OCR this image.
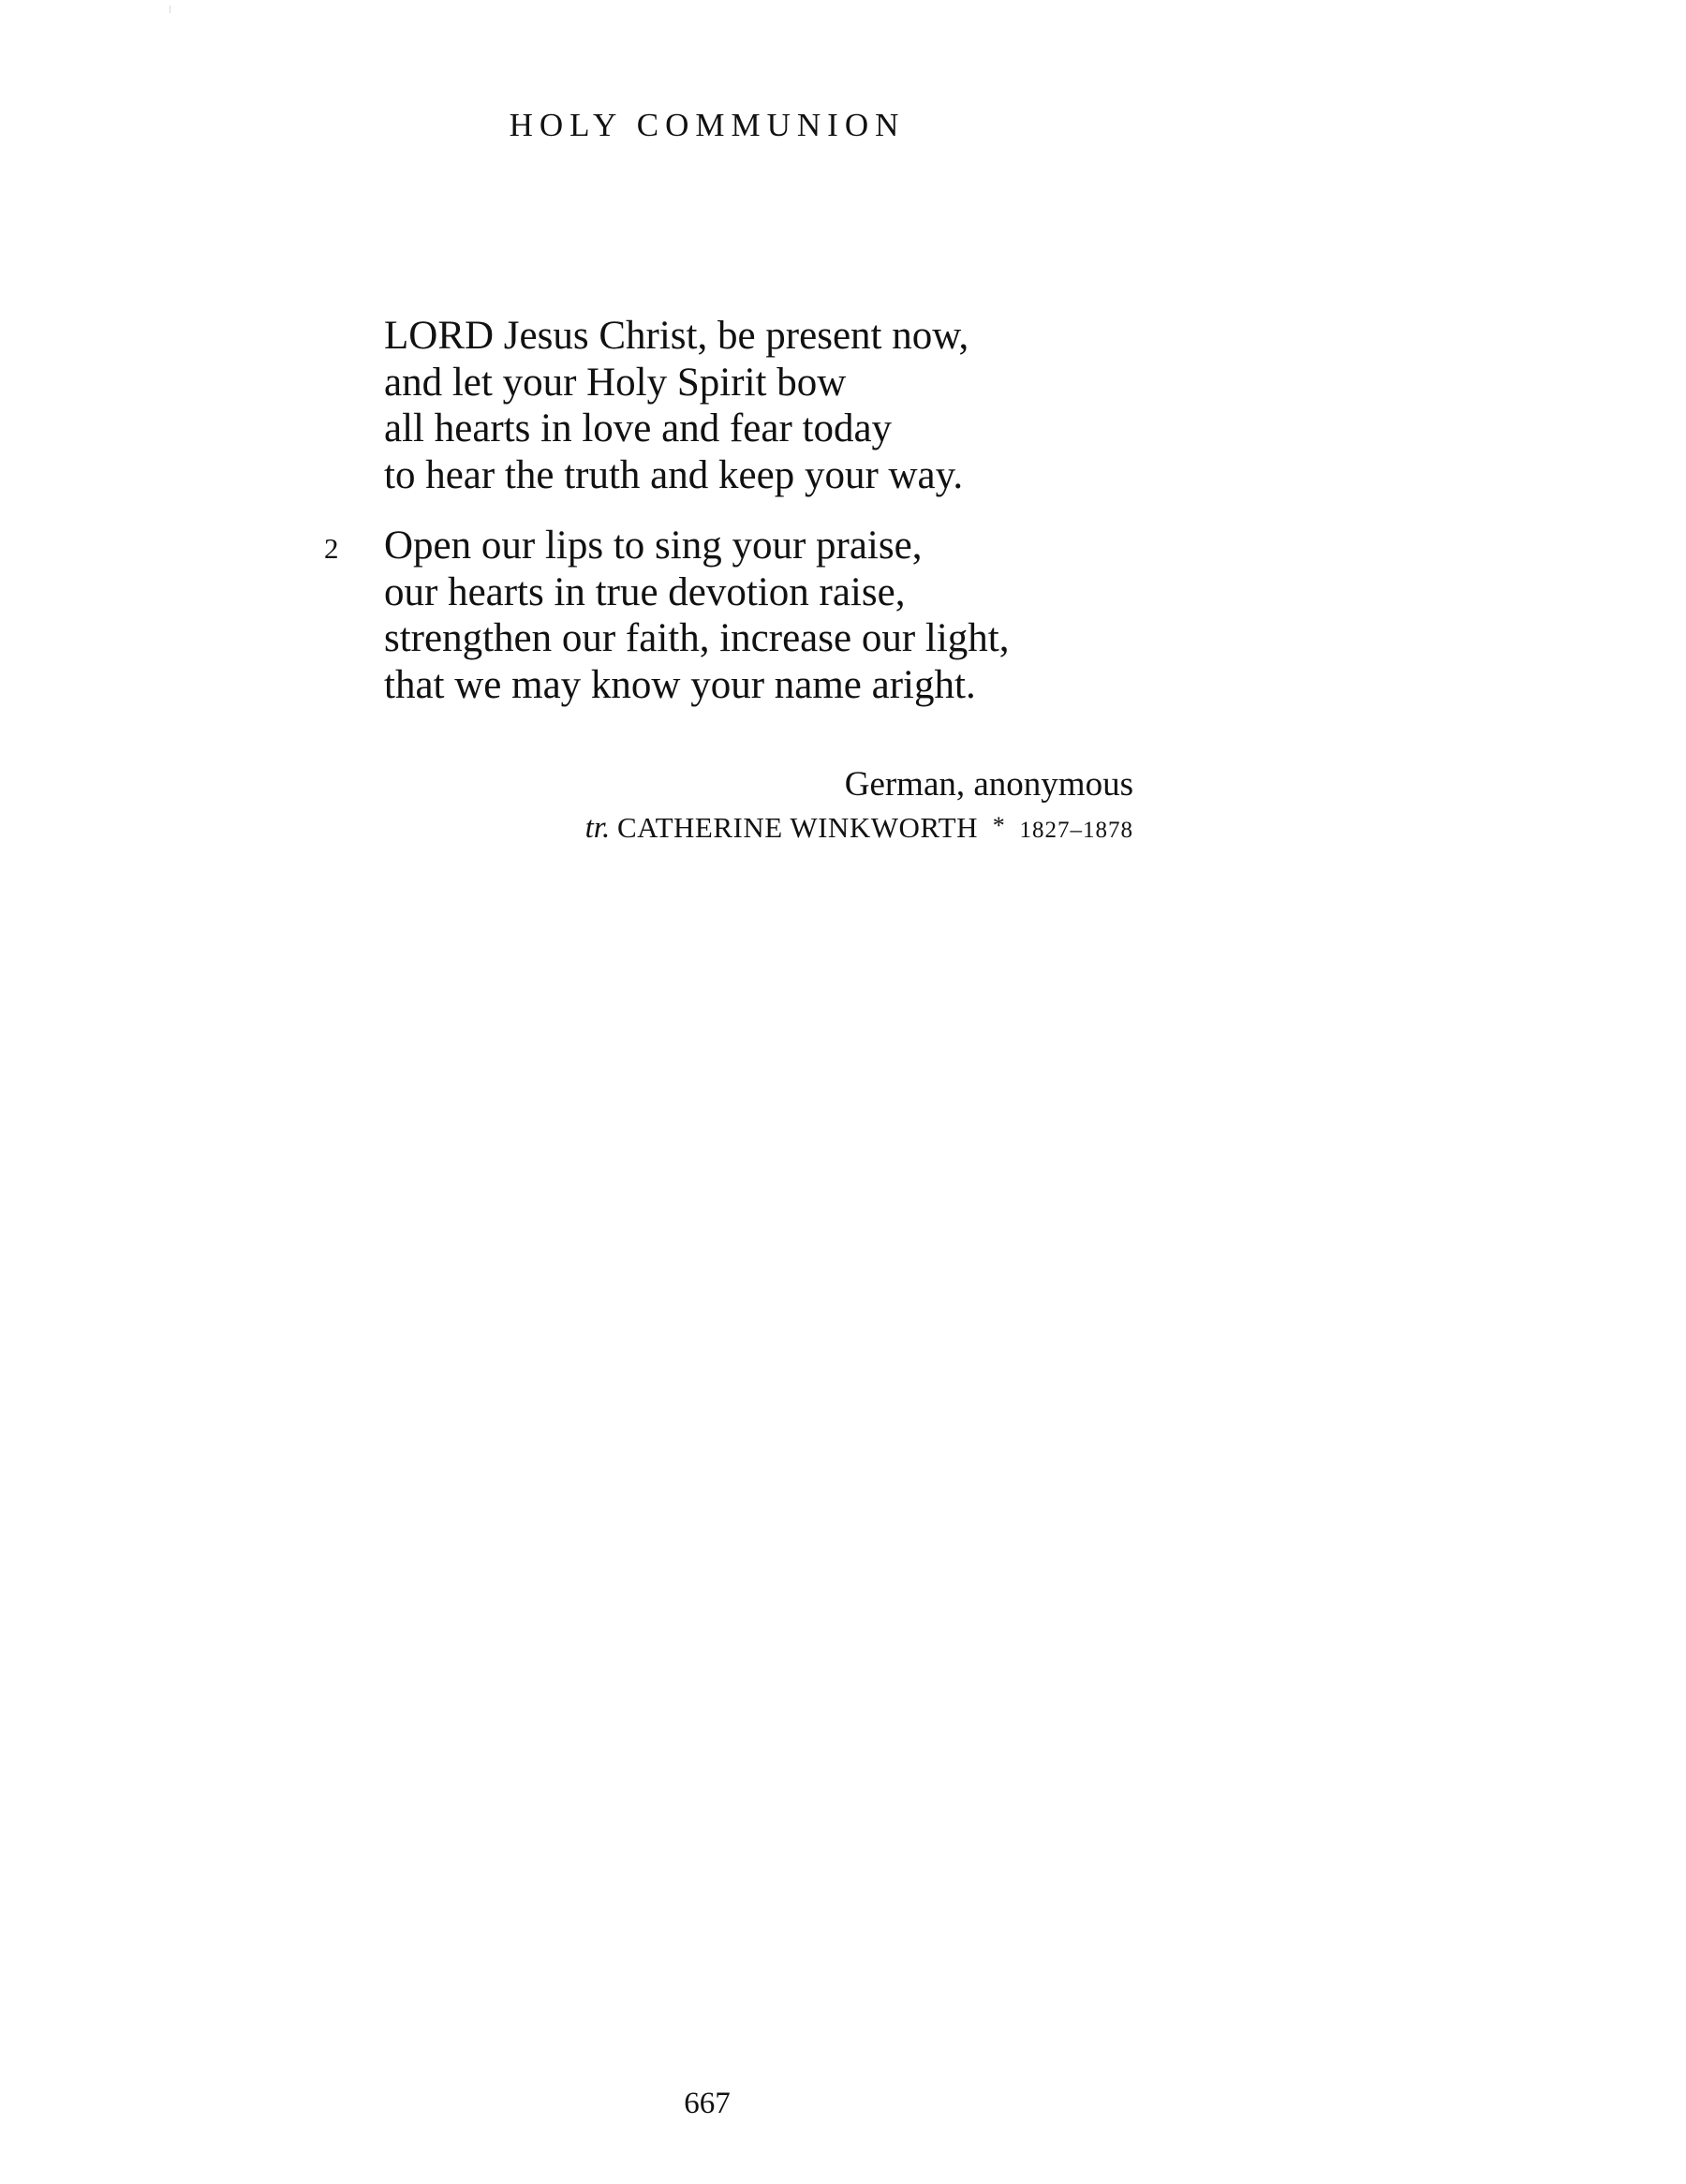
HOLY COMMUNION
LORD Jesus Christ, be present now,
and let your Holy Spirit bow
all hearts in love and fear today
to hear the truth and keep your way.
2 Open our lips to sing your praise,
our hearts in true devotion raise,
strengthen our faith, increase our light,
that we may know your name aright.
German, anonymous
tr. CATHERINE WINKWORTH * 1827–1878
667
